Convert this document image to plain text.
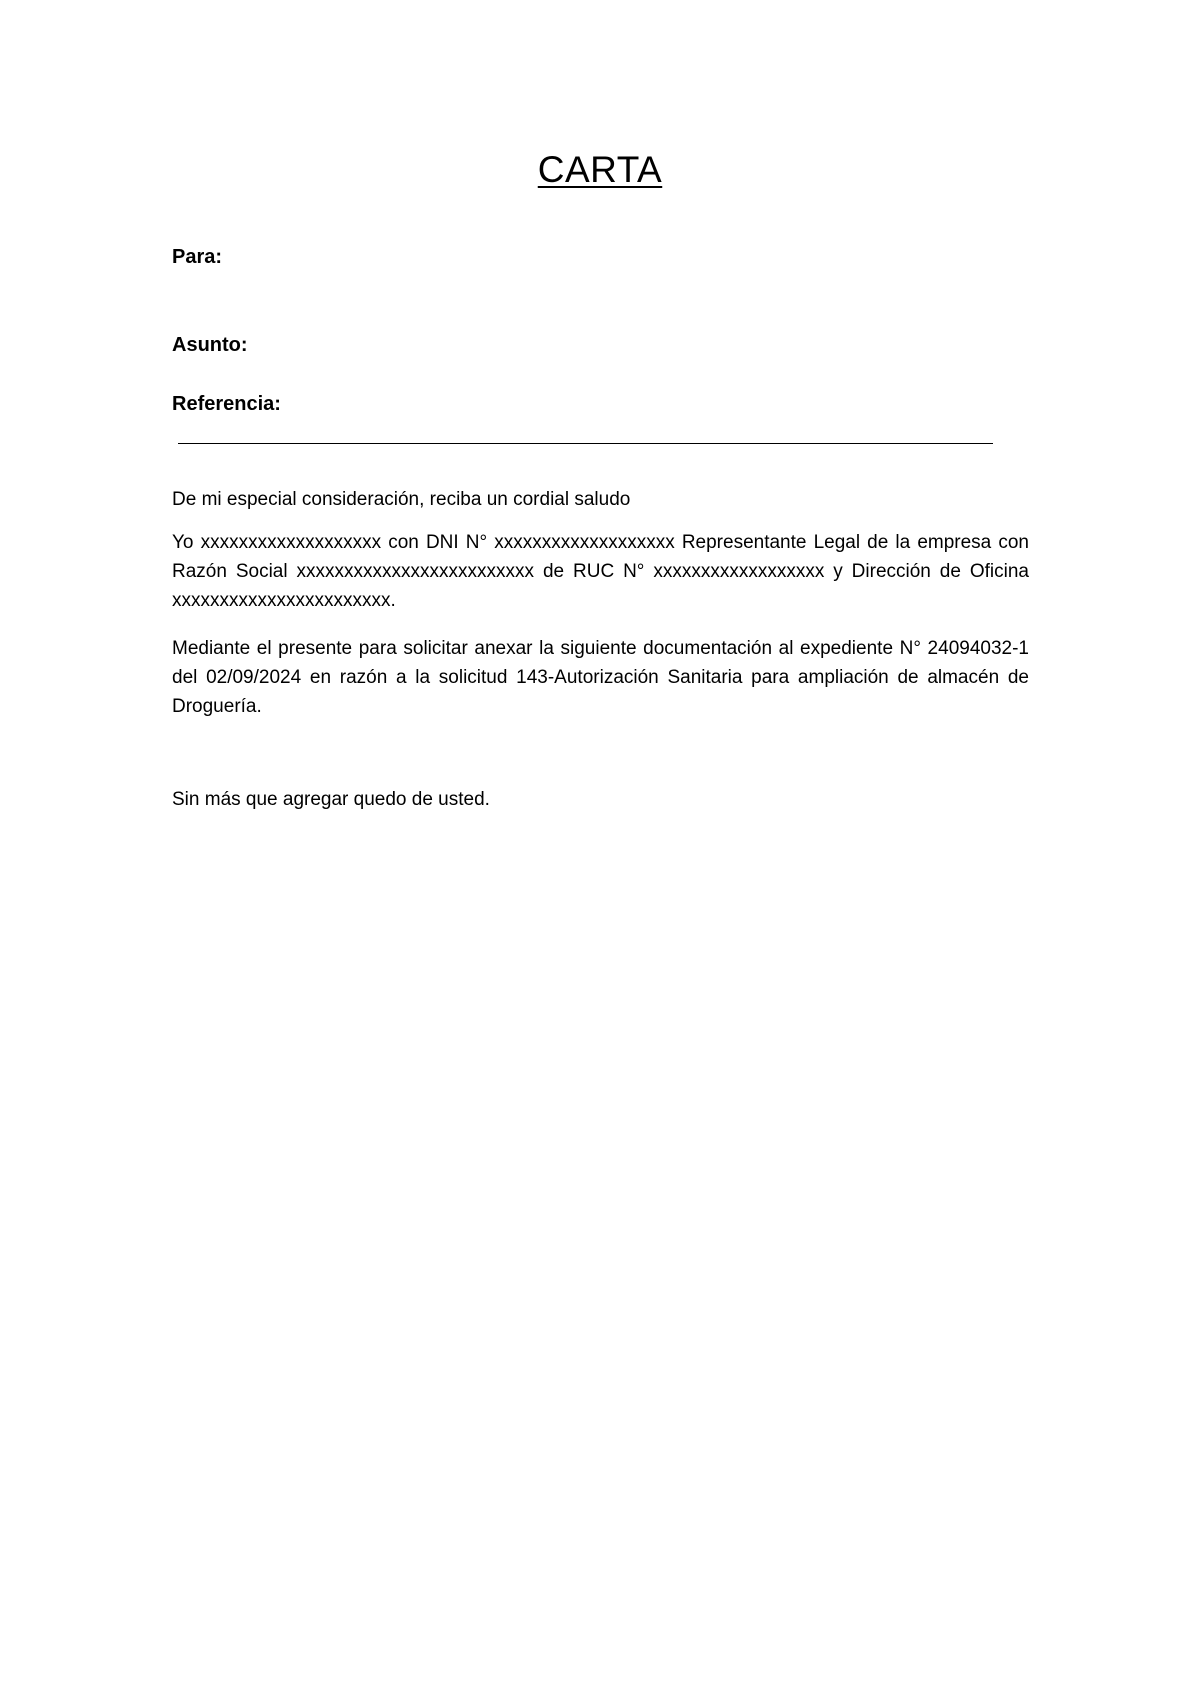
CARTA
Para:
Asunto:
Referencia:

De mi especial consideración, reciba un cordial saludo

Yo xxxxxxxxxxxxxxxxxxx con DNI N° xxxxxxxxxxxxxxxxxxx Representante Legal de la empresa con Razón Social xxxxxxxxxxxxxxxxxxxxxxxxx de RUC N° xxxxxxxxxxxxxxxxxx y Dirección de Oficina xxxxxxxxxxxxxxxxxxxxxxx.

Mediante el presente para solicitar anexar la siguiente documentación al expediente N° 24094032-1 del 02/09/2024 en razón a la solicitud 143-Autorización Sanitaria para ampliación de almacén de Droguería.

Sin más que agregar quedo de usted.
